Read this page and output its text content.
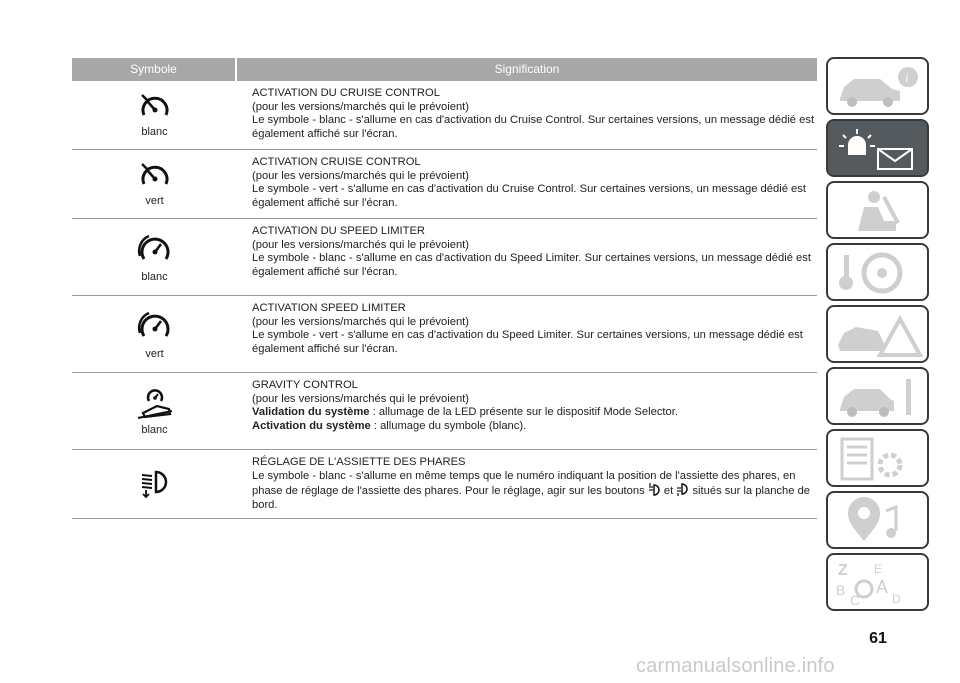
Symbole	Signification
blanc
ACTIVATION DU CRUISE CONTROL
(pour les versions/marchés qui le prévoient)
Le symbole - blanc - s'allume en cas d'activation du Cruise Control. Sur certaines versions, un message dédié est également affiché sur l'écran.
vert
ACTIVATION CRUISE CONTROL
(pour les versions/marchés qui le prévoient)
Le symbole - vert - s'allume en cas d'activation du Cruise Control. Sur certaines versions, un message dédié est également affiché sur l'écran.
blanc
ACTIVATION DU SPEED LIMITER
(pour les versions/marchés qui le prévoient)
Le symbole - blanc - s'allume en cas d'activation du Speed Limiter. Sur certaines versions, un message dédié est également affiché sur l'écran.
vert
ACTIVATION SPEED LIMITER
(pour les versions/marchés qui le prévoient)
Le symbole - vert - s'allume en cas d'activation du Speed Limiter. Sur certaines versions, un message dédié est également affiché sur l'écran.
blanc
GRAVITY CONTROL
(pour les versions/marchés qui le prévoient)
Validation du système : allumage de la LED présente sur le dispositif Mode Selector.
Activation du système : allumage du symbole (blanc).
RÉGLAGE DE L'ASSIETTE DES PHARES
Le symbole - blanc - s'allume en même temps que le numéro indiquant la position de l'assiette des phares, en phase de réglage de l'assiette des phares. Pour le réglage, agir sur les boutons  et  situés sur la planche de bord.
i
Z E
B A
C	D
61
carmanualsonline.info
